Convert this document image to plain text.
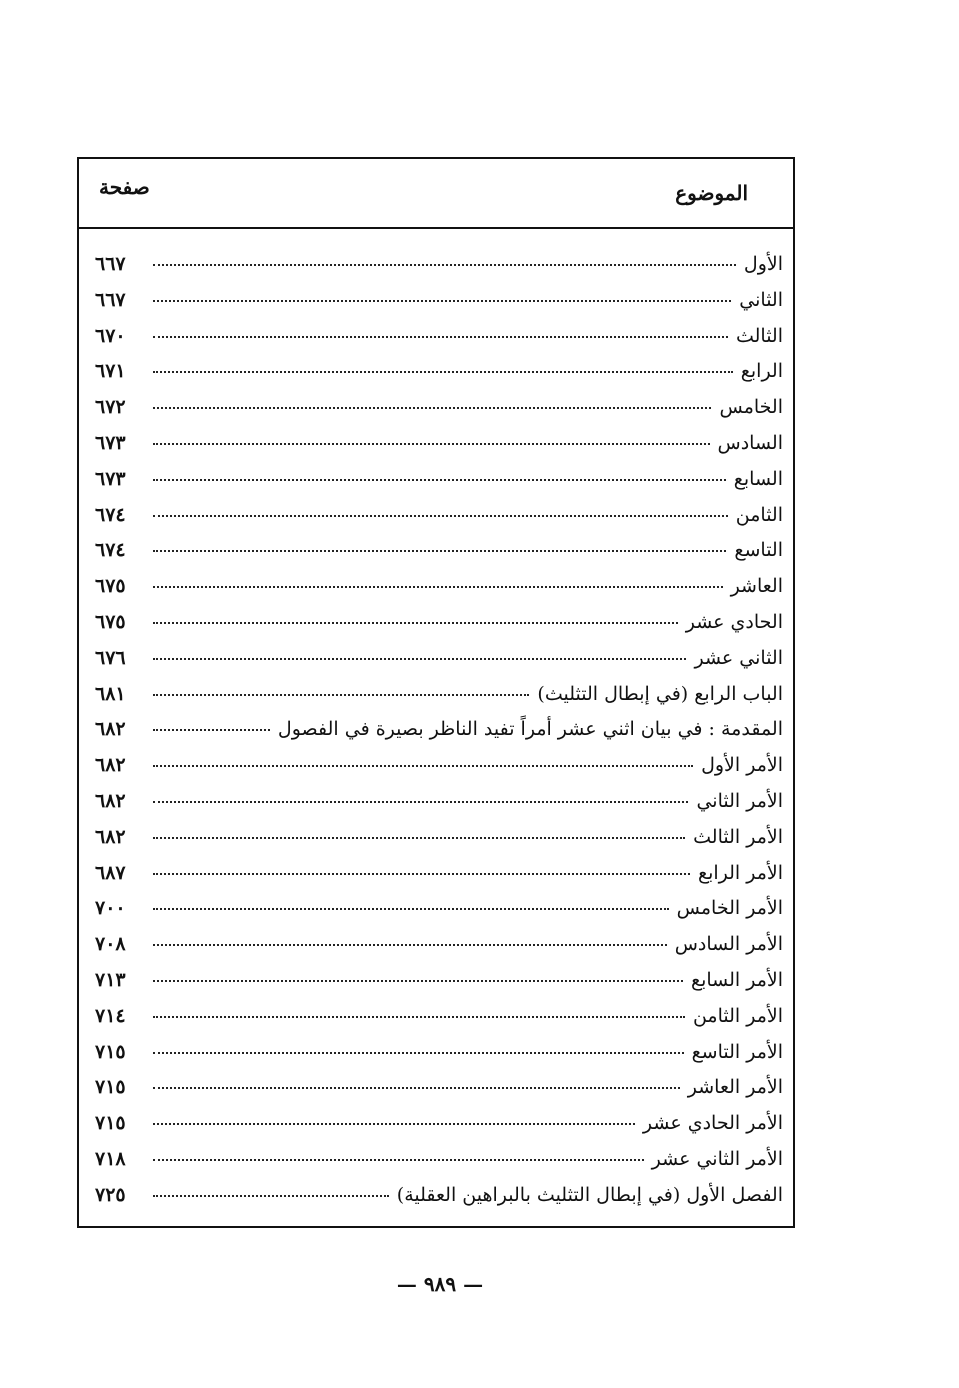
الموضوع
صفحة
الأول
٦٦٧
الثاني
٦٦٧
الثالث
٦٧٠
الرابع
٦٧١
الخامس
٦٧٢
السادس
٦٧٣
السابع
٦٧٣
الثامن
٦٧٤
التاسع
٦٧٤
العاشر
٦٧٥
الحادي عشر
٦٧٥
الثاني عشر
٦٧٦
الباب الرابع (في إبطال التثليث)
٦٨١
المقدمة : في بيان اثني عشر أمراً تفيد الناظر بصيرة في الفصول
٦٨٢
الأمر الأول
٦٨٢
الأمر الثاني
٦٨٢
الأمر الثالث
٦٨٢
الأمر الرابع
٦٨٧
الأمر الخامس
٧٠٠
الأمر السادس
٧٠٨
الأمر السابع
٧١٣
الأمر الثامن
٧١٤
الأمر التاسع
٧١٥
الأمر العاشر
٧١٥
الأمر الحادي عشر
٧١٥
الأمر الثاني عشر
٧١٨
الفصل الأول (في إبطال التثليث بالبراهين العقلية)
٧٢٥
— ٩٨٩ —
